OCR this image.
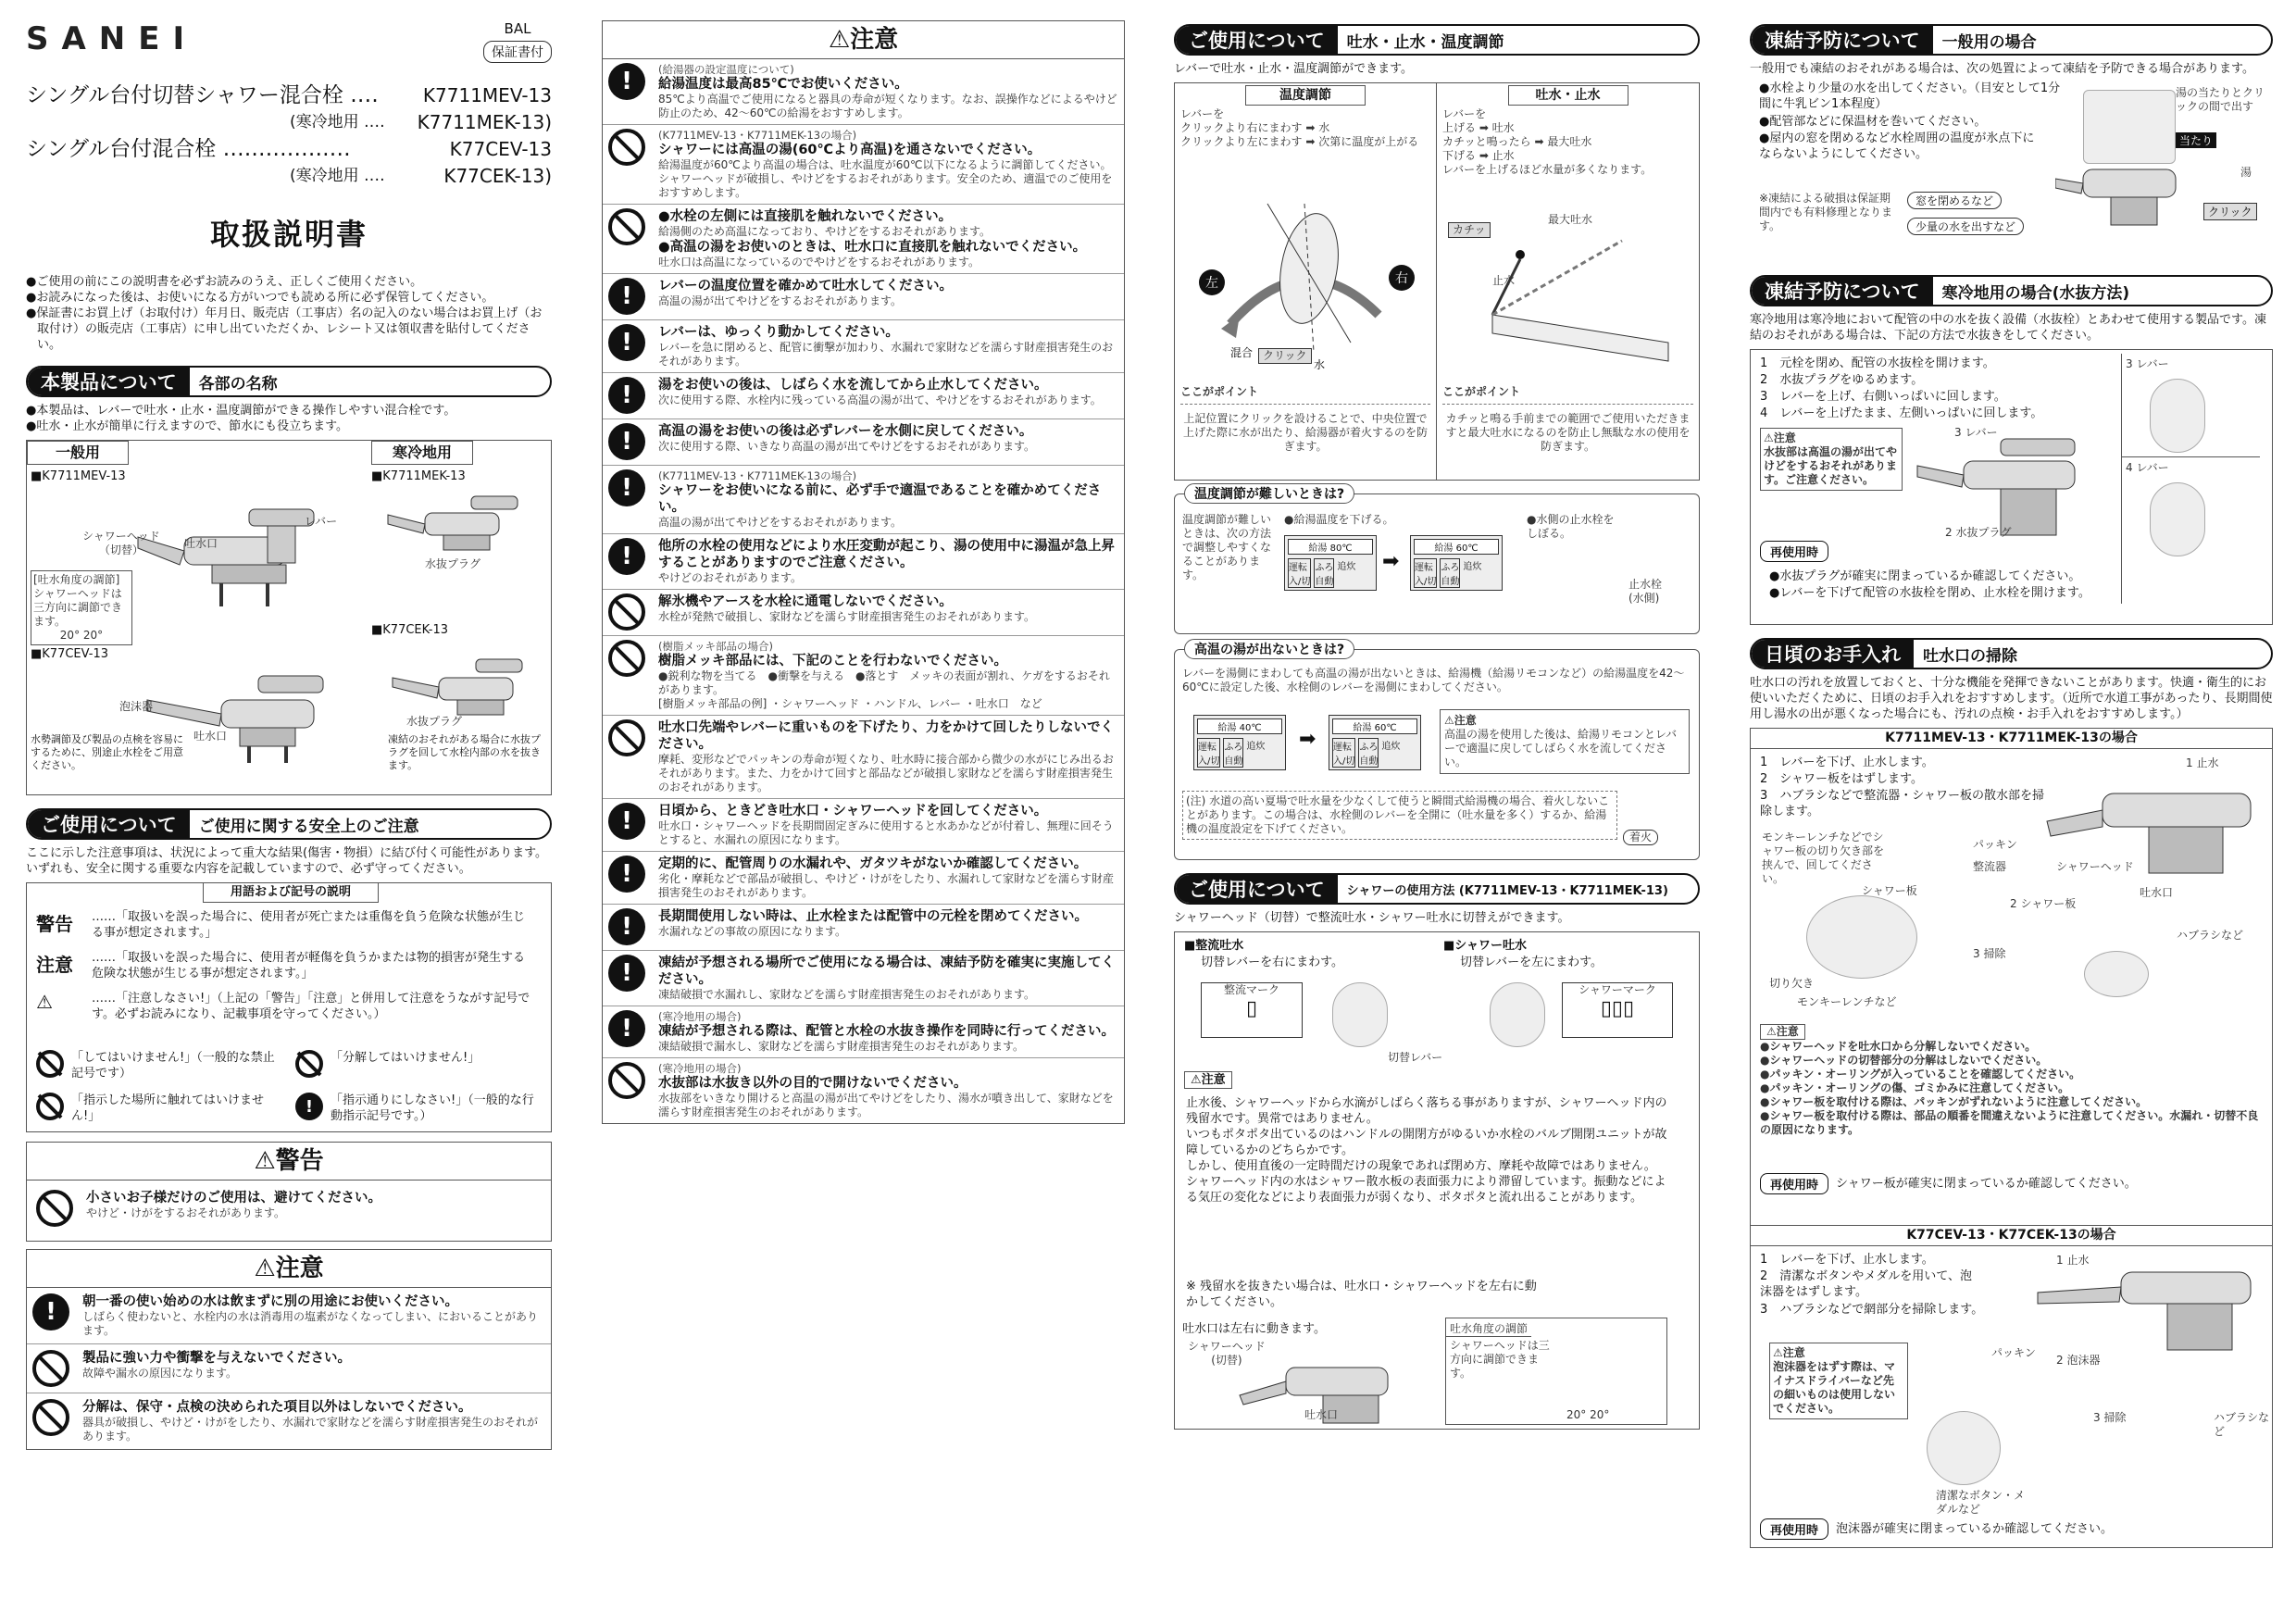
SANEI	BAL
保証書付
シングル台付切替シャワー混合栓 ‥‥ K7711MEV-13
(寒冷地用 ‥‥ K7711MEK-13)
シングル台付混合栓 ‥‥‥‥‥‥‥‥‥	K77CEV-13
(寒冷地用 ‥‥	K77CEK-13)
取扱説明書
●ご使用の前にこの説明書を必ずお読みのうえ、正しくご使用ください。
●お読みになった後は、お使いになる方がいつでも読める所に必ず保管してください。
●保証書にお買上げ（お取付け）年月日、販売店（工事店）名の記入のない場合はお買上げ（お取付け）の販売店（工事店）に申し出ていただくか、レシート又は領収書を貼付してください。
本製品について	各部の名称
●本製品は、レバーで吐水・止水・温度調節ができる操作しやすい混合栓です。
●吐水・止水が簡単に行えますので、節水にも役立ちます。
一般用	寒冷地用
■K7711MEV-13	■K7711MEK-13
シャワーヘッド
（切替）	吐水口
レバー
[吐水角度の調節]
シャワーヘッドは三方向に調節できます。
20° 20°
水抜プラグ
■K77CEV-13
■K77CEK-13
泡沫器
吐水口
水抜プラグ
水勢調節及び製品の点検を容易にするために、別途止水栓をご用意ください。
凍結のおそれがある場合に水抜プラグを回して水栓内部の水を抜きます。
ご使用について	ご使用に関する安全上のご注意
ここに示した注意事項は、状況によって重大な結果(傷害・物損）に結び付く可能性があります。
いずれも、安全に関する重要な内容を記載していますので、必ず守ってください。
用語および記号の説明
警告	……「取扱いを誤った場合に、使用者が死亡または重傷を負う危険な状態が生じる事が想定されます。」
注意	……「取扱いを誤った場合に、使用者が軽傷を負うかまたは物的損害が発生する危険な状態が生じる事が想定されます。」
⚠	……「注意しなさい!」（上記の「警告」「注意」と併用して注意をうながす記号です。必ずお読みになり、記載事項を守ってください。）
「してはいけません!」（一般的な禁止記号です）
「分解してはいけません!」
「指示した場所に触れてはいけません!」	!	「指示通りにしなさい!」（一般的な行動指示記号です。）
⚠警告
小さいお子様だけのご使用は、避けてください。
やけど・けがをするおそれがあります。
⚠注意
!	朝一番の使い始めの水は飲まずに別の用途にお使いください。
しばらく使わないと、水栓内の水は消毒用の塩素がなくなってしまい、においることがあります。
製品に強い力や衝撃を与えないでください。
故障や漏水の原因になります。
分解は、保守・点検の決められた項目以外はしないでください。
器具が破損し、やけど・けがをしたり、水漏れで家財などを濡らす財産損害発生のおそれがあります。
⚠注意
!	(給湯器の設定温度について)
給湯温度は最高85℃でお使いください。
85℃より高温でご使用になると器具の寿命が短くなります。なお、誤操作などによるやけど防止のため、42～60℃の給湯をおすすめします。
(K7711MEV-13・K7711MEK-13の場合)
シャワーには高温の湯(60℃より高温)を通さないでください。
給湯温度が60℃より高温の場合は、吐水温度が60℃以下になるように調節してください。シャワーヘッドが破損し、やけどをするおそれがあります。安全のため、適温でのご使用をおすすめします。
●水栓の左側には直接肌を触れないでください。
給湯側のため高温になっており、やけどをするおそれがあります。
●高温の湯をお使いのときは、吐水口に直接肌を触れないでください。
吐水口は高温になっているのでやけどをするおそれがあります。
!	レバーの温度位置を確かめて吐水してください。
高温の湯が出てやけどをするおそれがあります。
!	レバーは、ゆっくり動かしてください。
レバーを急に閉めると、配管に衝撃が加わり、水漏れで家財などを濡らす財産損害発生のおそれがあります。
!	湯をお使いの後は、しばらく水を流してから止水してください。
次に使用する際、水栓内に残っている高温の湯が出て、やけどをするおそれがあります。
!	高温の湯をお使いの後は必ずレバーを水側に戻してください。
次に使用する際、いきなり高温の湯が出てやけどをするおそれがあります。
!	(K7711MEV-13・K7711MEK-13の場合)
シャワーをお使いになる前に、必ず手で適温であることを確かめてください。
高温の湯が出てやけどをするおそれがあります。
!	他所の水栓の使用などにより水圧変動が起こり、湯の使用中に湯温が急上昇することがありますのでご注意ください。
やけどのおそれがあります。
解氷機やアースを水栓に通電しないでください。
水栓が発熱で破損し、家財などを濡らす財産損害発生のおそれがあります。
(樹脂メッキ部品の場合)
樹脂メッキ部品には、下記のことを行わないでください。
●鋭利な物を当てる　●衝撃を与える　●落とす　メッキの表面が割れ、ケガをするおそれがあります。
[樹脂メッキ部品の例] ・シャワーヘッド ・ハンドル、レバー ・吐水口　など
吐水口先端やレバーに重いものを下げたり、力をかけて回したりしないでください。
摩耗、変形などでパッキンの寿命が短くなり、吐水時に接合部から微少の水がにじみ出るおそれがあります。また、力をかけて回すと部品などが破損し家財などを濡らす財産損害発生のおそれがあります。
!	日頃から、ときどき吐水口・シャワーヘッドを回してください。
吐水口・シャワーヘッドを長期間固定ぎみに使用すると水あかなどが付着し、無理に回そうとすると、水漏れの原因になります。
!	定期的に、配管周りの水漏れや、ガタツキがないか確認してください。
劣化・摩耗などで部品が破損し、やけど・けがをしたり、水漏れして家財などを濡らす財産損害発生のおそれがあります。
!	長期間使用しない時は、止水栓または配管中の元栓を閉めてください。
水漏れなどの事故の原因になります。
!	凍結が予想される場所でご使用になる場合は、凍結予防を確実に実施してください。
凍結破損で水漏れし、家財などを濡らす財産損害発生のおそれがあります。
!	(寒冷地用の場合)
凍結が予想される際は、配管と水栓の水抜き操作を同時に行ってください。
凍結破損で漏水し、家財などを濡らす財産損害発生のおそれがあります。
(寒冷地用の場合)
水抜部は水抜き以外の目的で開けないでください。
水抜部をいきなり開けると高温の湯が出てやけどをしたり、湯水が噴き出して、家財などを濡らす財産損害発生のおそれがあります。
ご使用について	吐水・止水・温度調節
レバーで吐水・止水・温度調節ができます。
温度調節
レバーを
クリックより右にまわす ➡ 水
クリックより左にまわす ➡ 次第に温度が上がる
左	右
混合
水
クリック
ここがポイント
上記位置にクリックを設けることで、中央位置で上げた際に水が出たり、給湯器が着火するのを防ぎます。
吐水・止水
レバーを
上げる ➡ 吐水
カチッと鳴ったら ➡ 最大吐水
下げる ➡ 止水
レバーを上げるほど水量が多くなります。
カチッ
最大吐水
止水
ここがポイント
カチッと鳴る手前までの範囲でご使用いただきますと最大吐水になるのを防止し無駄な水の使用を防ぎます。
温度調節が難しいときは?
温度調節が難しいときは、次の方法で調整しやすくなることがあります。
●給湯温度を下げる。
給湯 80℃
運転
入/切
ふろ
自動
追炊 ➡
給湯 60℃
運転
入/切
ふろ
自動
追炊
●水側の止水栓をしぼる。
止水栓
(水側)
高温の湯が出ないときは?
レバーを湯側にまわしても高温の湯が出ないときは、給湯機（給湯リモコンなど）の給湯温度を42～60℃に設定した後、水栓側のレバーを湯側にまわしてください。
給湯 40℃
運転
入/切
ふろ
自動
追炊 ➡	給湯 60℃
運転
入/切
ふろ
自動
追炊
⚠注意
高温の湯を使用した後は、給湯リモコンとレバーで適温に戻してしばらく水を流してください。
(注) 水道の高い夏場で吐水量を少なくして使うと瞬間式給湯機の場合、着火しないことがあります。この場合は、水栓側のレバーを全開に（吐水量を多く）するか、給湯機の温度設定を下げてください。
着火
ご使用について	シャワーの使用方法 (K7711MEV-13・K7711MEK-13)
シャワーヘッド（切替）で整流吐水・シャワー吐水に切替えができます。
■整流吐水
切替レバーを右にまわす。
■シャワー吐水
切替レバーを左にまわす。
整流マーク
▯
シャワーマーク
▯▯▯
切替レバー
⚠注意
止水後、シャワーヘッドから水滴がしばらく落ちる事がありますが、シャワーヘッド内の残留水です。異常ではありません。
いつもポタポタ出ているのはハンドルの開閉方がゆるいか水栓のバルブ開閉ユニットが故障しているかのどちらかです。
しかし、使用直後の一定時間だけの現象であれば閉め方、摩耗や故障ではありません。
シャワーヘッド内の水はシャワー散水板の表面張力により滞留しています。振動などによる気圧の変化などにより表面張力が弱くなり、ポタポタと流れ出ることがあります。
※ 残留水を抜きたい場合は、吐水口・シャワーヘッドを左右に動かしてください。
吐水口は左右に動きます。
シャワーヘッド
(切替)
吐水口
吐水角度の調節
シャワーヘッドは三方向に調節できます。
20° 20°
凍結予防について	一般用の場合
一般用でも凍結のおそれがある場合は、次の処置によって凍結を予防できる場合があります。
●水栓より少量の水を出してください。（目安として1分間に牛乳ビン1本程度）
●配管部などに保温材を巻いてください。
●屋内の窓を閉めるなど水栓周囲の温度が氷点下にならないようにしてください。
※凍結による破損は保証期間内でも有料修理となります。
窓を閉めるなど
少量の水を出すなど
湯の当たりとクリックの間で出す
当たり
湯
クリック
凍結予防について	寒冷地用の場合(水抜方法)
寒冷地用は寒冷地において配管の中の水を抜く設備（水抜栓）とあわせて使用する製品です。凍結のおそれがある場合は、下記の方法で水抜きをしてください。
1　元栓を閉め、配管の水抜栓を開けます。
2　水抜プラグをゆるめます。
3　レバーを上げ、右側いっぱいに回します。
4　レバーを上げたまま、左側いっぱいに回します。
⚠注意
水抜部は高温の湯が出てやけどをするおそれがあります。ご注意ください。
3 レバー
2 水抜プラグ
3 レバー
4 レバー
再使用時
●水抜プラグが確実に閉まっているか確認してください。
●レバーを下げて配管の水抜栓を閉め、止水栓を開けます。
日頃のお手入れ	吐水口の掃除
吐水口の汚れを放置しておくと、十分な機能を発揮できないことがあります。快適・衛生的にお使いいただくために、日頃のお手入れをおすすめします。（近所で水道工事があったり、長期間使用し湯水の出が悪くなった場合にも、汚れの点検・お手入れをおすすめします。）
K7711MEV-13・K7711MEK-13の場合
1　レバーを下げ、止水します。
2　シャワー板をはずします。
3　ハブラシなどで整流器・シャワー板の散水部を掃除します。
1 止水
モンキーレンチなどでシャワー板の切り欠き部を挟んで、回してください。
パッキン
整流器	シャワーヘッド
シャワー板
切り欠き
モンキーレンチなど
2 シャワー板
吐水口
ハブラシなど
3 掃除
⚠注意
●シャワーヘッドを吐水口から分解しないでください。
●シャワーヘッドの切替部分の分解はしないでください。
●パッキン・オーリングが入っていることを確認してください。
●パッキン・オーリングの傷、ゴミかみに注意してください。
●シャワー板を取付ける際は、パッキンがずれないように注意してください。
●シャワー板を取付ける際は、部品の順番を間違えないように注意してください。水漏れ・切替不良の原因になります。
再使用時	シャワー板が確実に閉まっているか確認してください。
K77CEV-13・K77CEK-13の場合
1　レバーを下げ、止水します。
2　清潔なボタンやメダルを用いて、泡沫器をはずします。
3　ハブラシなどで網部分を掃除します。
1 止水
⚠注意
泡沫器をはずす際は、マイナスドライバーなど先の細いものは使用しないでください。
パッキン
2 泡沫器
清潔なボタン・メダルなど
3 掃除	ハブラシなど
再使用時	泡沫器が確実に閉まっているか確認してください。
